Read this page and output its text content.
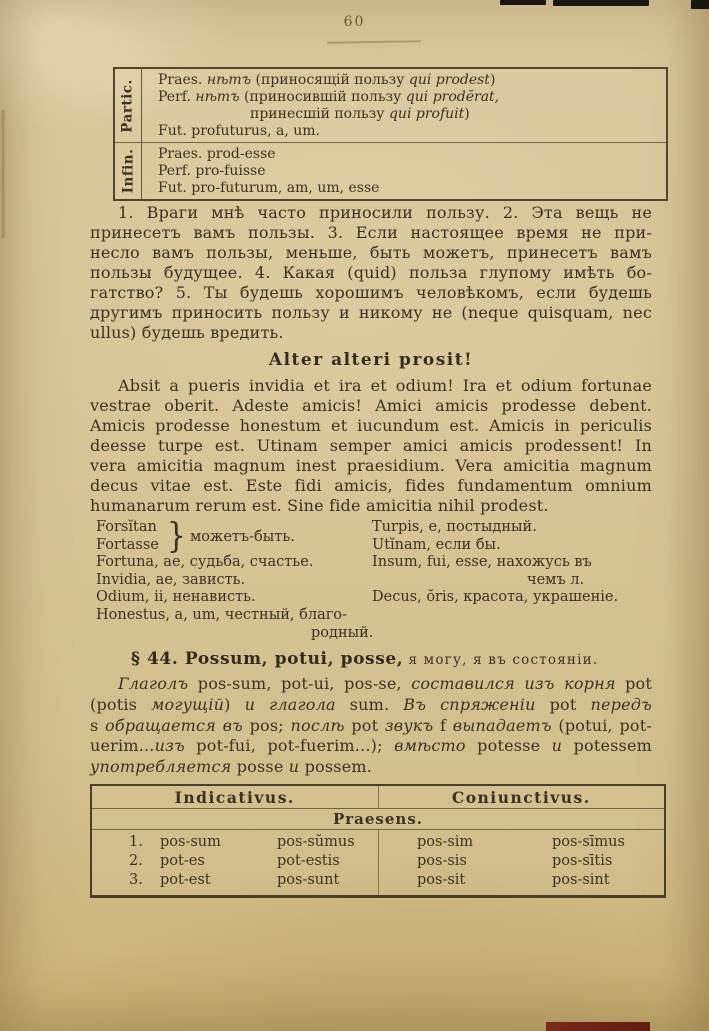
60
Partic. Praes. нѣтъ (приносящій пользу qui prodest)
Perf. нѣтъ (приносившій пользу qui prodĕrat,
принесшій пользу qui profuit)
Fut. profuturus, a, um.
Infin. Praes. prod-esse
Perf. pro-fuisse
Fut. pro-futurum, am, um, esse
1. Враги мнѣ часто приносили пользу. 2. Эта вещь не
принесетъ вамъ пользы. 3. Если настоящее время не при-
несло вамъ пользы, меньше, быть можетъ, принесетъ вамъ
пользы будущее. 4. Какая (quid) польза глупому имѣть бо-
гатство? 5. Ты будешь хорошимъ человѣкомъ, если будешь
другимъ приносить пользу и никому не (neque quisquam, nec
ullus) будешь вредить.
Alter alteri prosit!
Absit a pueris invidia et ira et odium! Ira et odium fortunae
vestrae oberit. Adeste amicis! Amici amicis prodesse debent.
Amicis prodesse honestum et iucundum est. Amicis in periculis
deesse turpe est. Utinam semper amici amicis prodessent! In
vera amicitia magnum inest praesidium. Vera amicitia magnum
decus vitae est. Este fidi amicis, fides fundamentum omnium
humanarum rerum est. Sine fide amicitia nihil prodest.
Forsĭtan
Fortasse } можетъ-быть.
Fortuna, ae, судьба, счастье.
Invidia, ae, зависть.
Odium, ii, ненависть.
Honestus, a, um, честный, благо-
родный.
Turpis, e, постыдный.
Utĭnam, если бы.
Insum, fui, esse, нахожусь въ
чемъ л.
Decus, ŏris, красота, украшеніе.
§ 44. Possum, potui, posse, я могу, я въ состояніи.
Глаголъ pos-sum, pot-ui, pos-se, составился изъ корня pot
(potis могущій) и глагола sum. Въ спряженіи pot передъ
s обращается въ pos; послѣ pot звукъ f выпадаетъ (potui, pot-
uerim...изъ pot-fui, pot-fuerim...); вмѣсто potesse и potessem
употребляется posse и possem.
Indicativus.	Coniunctivus.
Praesens.
1.	pos-sum	pos-sŭmus	pos-sim	pos-sīmus
2.	pot-es	pot-estis	pos-sis	pos-sītis
3.	pot-est	pos-sunt	pos-sit	pos-sint
